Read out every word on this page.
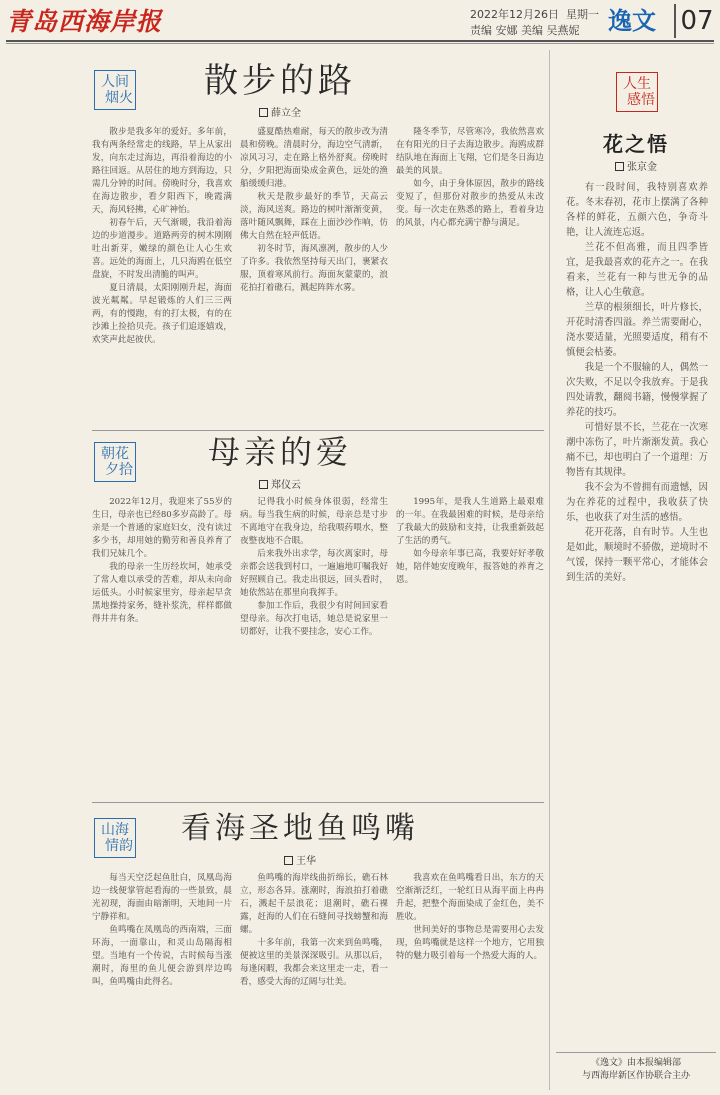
青岛西海岸报	2022年12月26日 星期一
责编 安娜 美编 吴燕妮 逸文 07
人间
烟火	散步的路
薛立全

散步是我多年的爱好。多年前，我有两条经常走的线路，早上从家出发，向东走过海边，再沿着海边的小路往回返。从居住的地方到海边，只需几分钟的时间。傍晚时分，我喜欢在海边散步，看夕阳西下，晚霞满天，海风轻拂，心旷神怡。

初春午后，天气渐暖，我沿着海边的步道漫步。道路两旁的树木刚刚吐出新芽，嫩绿的颜色让人心生欢喜。远处的海面上，几只海鸥在低空盘旋，不时发出清脆的叫声。

夏日清晨，太阳刚刚升起，海面波光粼粼。早起锻炼的人们三三两两，有的慢跑，有的打太极，有的在沙滩上捡拾贝壳。孩子们追逐嬉戏，欢笑声此起彼伏。

盛夏酷热难耐，每天的散步改为清晨和傍晚。清晨时分，海边空气清新，凉风习习，走在路上格外舒爽。傍晚时分，夕阳把海面染成金黄色，远处的渔船缓缓归港。

秋天是散步最好的季节，天高云淡，海风送爽。路边的树叶渐渐变黄，落叶随风飘舞，踩在上面沙沙作响，仿佛大自然在轻声低语。

初冬时节，海风凛冽，散步的人少了许多。我依然坚持每天出门，裹紧衣服，顶着寒风前行。海面灰蒙蒙的，浪花拍打着礁石，溅起阵阵水雾。

隆冬季节，尽管寒冷，我依然喜欢在有阳光的日子去海边散步。海鸥成群结队地在海面上飞翔，它们是冬日海边最美的风景。

如今，由于身体原因，散步的路线变短了，但那份对散步的热爱从未改变。每一次走在熟悉的路上，看着身边的风景，内心都充满宁静与满足。

朝花
夕拾	母亲的爱
郑仪云

2022年12月，我迎来了55岁的生日，母亲也已经80多岁高龄了。母亲是一个普通的家庭妇女，没有读过多少书，却用她的勤劳和善良养育了我们兄妹几个。

我的母亲一生历经坎坷，她承受了常人难以承受的苦难，却从未向命运低头。小时候家里穷，母亲起早贪黑地操持家务，缝补浆洗，样样都做得井井有条。

记得我小时候身体很弱，经常生病。每当我生病的时候，母亲总是寸步不离地守在我身边，给我喂药喂水，整夜整夜地不合眼。

后来我外出求学，每次离家时，母亲都会送我到村口，一遍遍地叮嘱我好好照顾自己。我走出很远，回头看时，她依然站在那里向我挥手。

参加工作后，我很少有时间回家看望母亲。每次打电话，她总是说家里一切都好，让我不要挂念，安心工作。

1995年，是我人生道路上最艰难的一年。在我最困难的时候，是母亲给了我最大的鼓励和支持，让我重新鼓起了生活的勇气。

如今母亲年事已高，我要好好孝敬她，陪伴她安度晚年，报答她的养育之恩。

山海
情韵	看海圣地鱼鸣嘴
王华

每当天空泛起鱼肚白，凤凰岛海边一线便掌管起看海的一些景致，晨光初现，海面由暗渐明，天地间一片宁静祥和。

鱼鸣嘴在凤凰岛的西南端，三面环海，一面靠山，和灵山岛隔海相望。当地有一个传说，古时候每当涨潮时，海里的鱼儿便会游到岸边鸣叫，鱼鸣嘴由此得名。

鱼鸣嘴的海岸线曲折绵长，礁石林立，形态各异。涨潮时，海浪拍打着礁石，溅起千层浪花；退潮时，礁石裸露，赶海的人们在石缝间寻找螃蟹和海螺。

十多年前，我第一次来到鱼鸣嘴，便被这里的美景深深吸引。从那以后，每逢闲暇，我都会来这里走一走，看一看，感受大海的辽阔与壮美。

我喜欢在鱼鸣嘴看日出，东方的天空渐渐泛红，一轮红日从海平面上冉冉升起，把整个海面染成了金红色，美不胜收。

世间美好的事物总是需要用心去发现，鱼鸣嘴就是这样一个地方，它用独特的魅力吸引着每一个热爱大海的人。

人生
感悟
花之悟
张京金

有一段时间，我特别喜欢养花。冬末春初，花市上摆满了各种各样的鲜花，五颜六色，争奇斗艳，让人流连忘返。

兰花不但高雅，而且四季皆宜，是我最喜欢的花卉之一。在我看来，兰花有一种与世无争的品格，让人心生敬意。

兰草的根须细长，叶片修长，开花时清香四溢。养兰需要耐心，浇水要适量，光照要适度，稍有不慎便会枯萎。

我是一个不服输的人，偶然一次失败，不足以令我放弃。于是我四处请教，翻阅书籍，慢慢掌握了养花的技巧。

可惜好景不长，兰花在一次寒潮中冻伤了，叶片渐渐发黄。我心痛不已，却也明白了一个道理：万物皆有其规律。

我不会为不曾拥有而遗憾，因为在养花的过程中，我收获了快乐，也收获了对生活的感悟。

花开花落，自有时节。人生也是如此，顺境时不骄傲，逆境时不气馁，保持一颗平常心，才能体会到生活的美好。

《逸文》由本报编辑部
与西海岸新区作协联合主办
